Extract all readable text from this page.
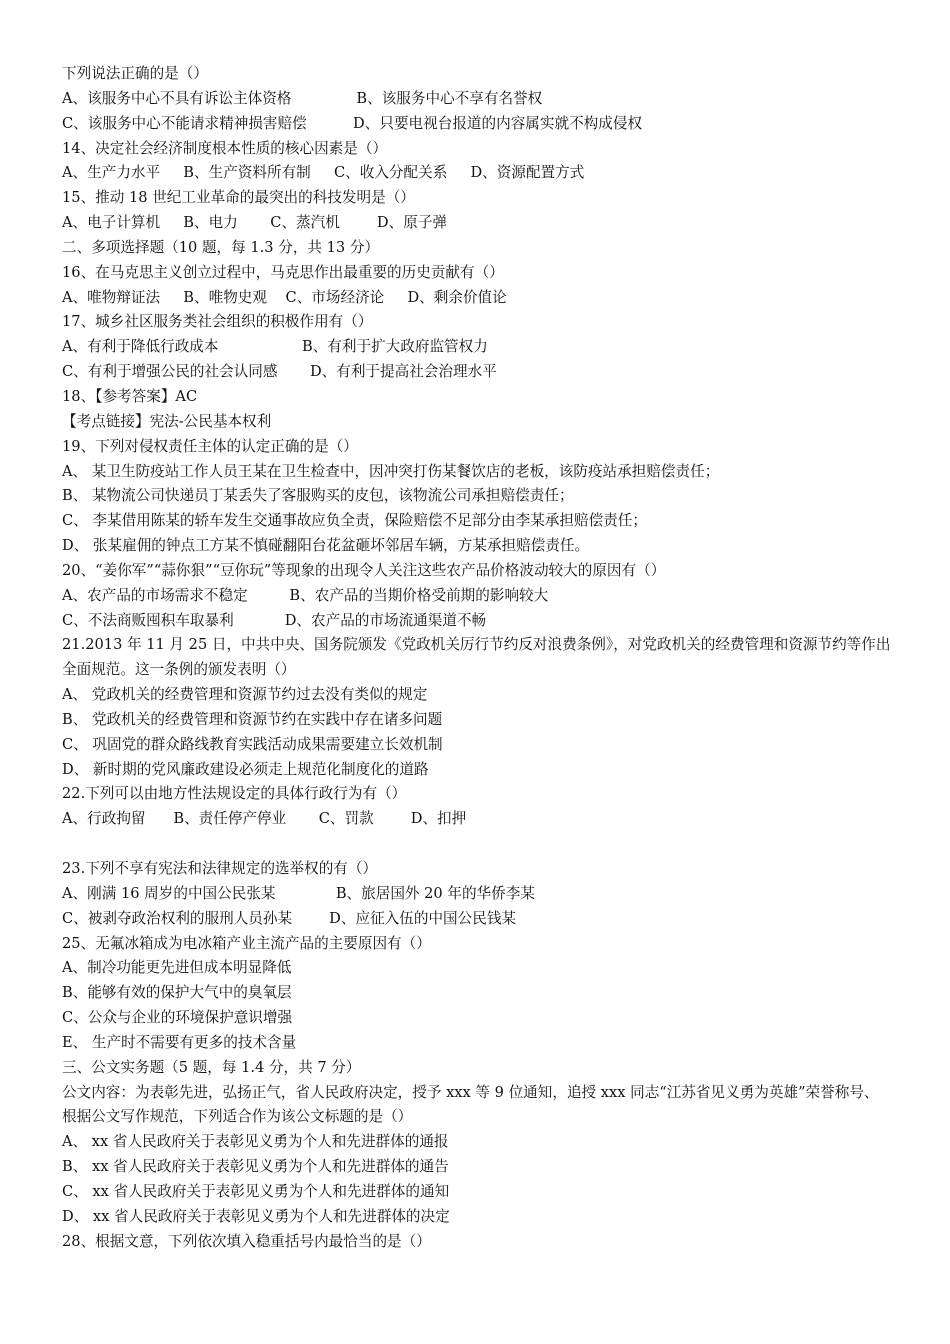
下列说法正确的是（）
A、该服务中心不具有诉讼主体资格              B、该服务中心不享有名誉权
C、该服务中心不能请求精神损害赔偿          D、只要电视台报道的内容属实就不构成侵权
14、决定社会经济制度根本性质的核心因素是（）
A、生产力水平     B、生产资料所有制     C、收入分配关系     D、资源配置方式
15、推动 18 世纪工业革命的最突出的科技发明是（）
A、电子计算机     B、电力       C、蒸汽机        D、原子弹
二、多项选择题（10 题，每 1.3 分，共 13 分）
16、在马克思主义创立过程中，马克思作出最重要的历史贡献有（）
A、唯物辩证法     B、唯物史观    C、市场经济论     D、剩余价值论
17、城乡社区服务类社会组织的积极作用有（）
A、有利于降低行政成本                  B、有利于扩大政府监管权力
C、有利于增强公民的社会认同感       D、有利于提高社会治理水平
18、【参考答案】AC
【考点链接】宪法-公民基本权利
19、下列对侵权责任主体的认定正确的是（）
A、 某卫生防疫站工作人员王某在卫生检查中，因冲突打伤某餐饮店的老板，该防疫站承担赔偿责任；
B、 某物流公司快递员丁某丢失了客服购买的皮包，该物流公司承担赔偿责任；
C、 李某借用陈某的轿车发生交通事故应负全责，保险赔偿不足部分由李某承担赔偿责任；
D、 张某雇佣的钟点工方某不慎碰翻阳台花盆砸坏邻居车辆，方某承担赔偿责任。
20、“姜你军”“蒜你狠”“豆你玩”等现象的出现令人关注这些农产品价格波动较大的原因有（）
A、农产品的市场需求不稳定         B、农产品的当期价格受前期的影响较大
C、不法商贩囤积车取暴利           D、农产品的市场流通渠道不畅
21.2013 年 11 月 25 日，中共中央、国务院颁发《党政机关厉行节约反对浪费条例》，对党政机关的经费管理和资源节约等作出全面规范。这一条例的颁发表明（）
A、 党政机关的经费管理和资源节约过去没有类似的规定
B、 党政机关的经费管理和资源节约在实践中存在诸多问题
C、 巩固党的群众路线教育实践活动成果需要建立长效机制
D、 新时期的党风廉政建设必须走上规范化制度化的道路
22.下列可以由地方性法规设定的具体行政行为有（）
A、行政拘留      B、责任停产停业       C、罚款        D、扣押
23.下列不享有宪法和法律规定的选举权的有（）
A、刚满 16 周岁的中国公民张某             B、旅居国外 20 年的华侨李某
C、被剥夺政治权利的服刑人员孙某        D、应征入伍的中国公民钱某
25、无氟冰箱成为电冰箱产业主流产品的主要原因有（）
A、制冷功能更先进但成本明显降低
B、能够有效的保护大气中的臭氧层
C、公众与企业的环境保护意识增强
E、 生产时不需要有更多的技术含量
三、公文实务题（5 题，每 1.4 分，共 7 分）
公文内容：为表彰先进，弘扬正气，省人民政府决定，授予 xxx 等 9 位通知，追授 xxx 同志“江苏省见义勇为英雄”荣誉称号、
根据公文写作规范，下列适合作为该公文标题的是（）
A、 xx 省人民政府关于表彰见义勇为个人和先进群体的通报
B、 xx 省人民政府关于表彰见义勇为个人和先进群体的通告
C、 xx 省人民政府关于表彰见义勇为个人和先进群体的通知
D、 xx 省人民政府关于表彰见义勇为个人和先进群体的决定
28、根据文意，下列依次填入稳重括号内最恰当的是（）
